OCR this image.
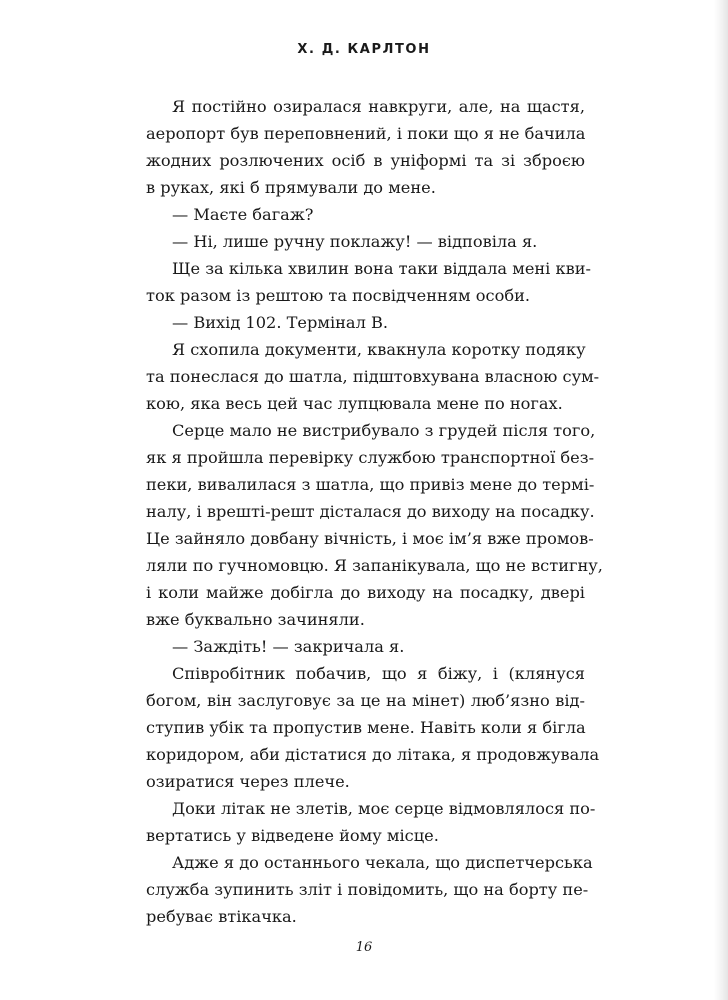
Х. Д. КАРЛТОН

Я постійно озиралася навкруги, але, на щастя,
аеропорт був переповнений, і поки що я не бачила
жодних розлючених осіб в уніформі та зі зброєю
в руках, які б прямували до мене.

— Маєте багаж?

— Ні, лише ручну поклажу! — відповіла я.

Ще за кілька хвилин вона таки віддала мені кви-
ток разом із рештою та посвідченням особи.

— Вихід 102. Термінал В.

Я схопила документи, квакнула коротку подяку
та понеслася до шатла, підштовхувана власною сум-
кою, яка весь цей час лупцювала мене по ногах.

Серце мало не вистрибувало з грудей після того,
як я пройшла перевірку службою транспортної без-
пеки, вивалилася з шатла, що привіз мене до термі-
налу, і врешті-решт дісталася до виходу на посадку.
Це зайняло довбану вічність, і моє ім’я вже промов-
ляли по гучномовцю. Я запанікувала, що не встигну,
і коли майже добігла до виходу на посадку, двері
вже буквально зачиняли.

— Заждіть! — закричала я.

Співробітник побачив, що я біжу, і (клянуся
богом, він заслуговує за це на мінет) люб’язно від-
ступив убік та пропустив мене. Навіть коли я бігла
коридором, аби дістатися до літака, я продовжувала
озиратися через плече.

Доки літак не злетів, моє серце відмовлялося по-
вертатись у відведене йому місце.

Адже я до останнього чекала, що диспетчерська
служба зупинить зліт і повідомить, що на борту пе-
ребуває втікачка.

16
